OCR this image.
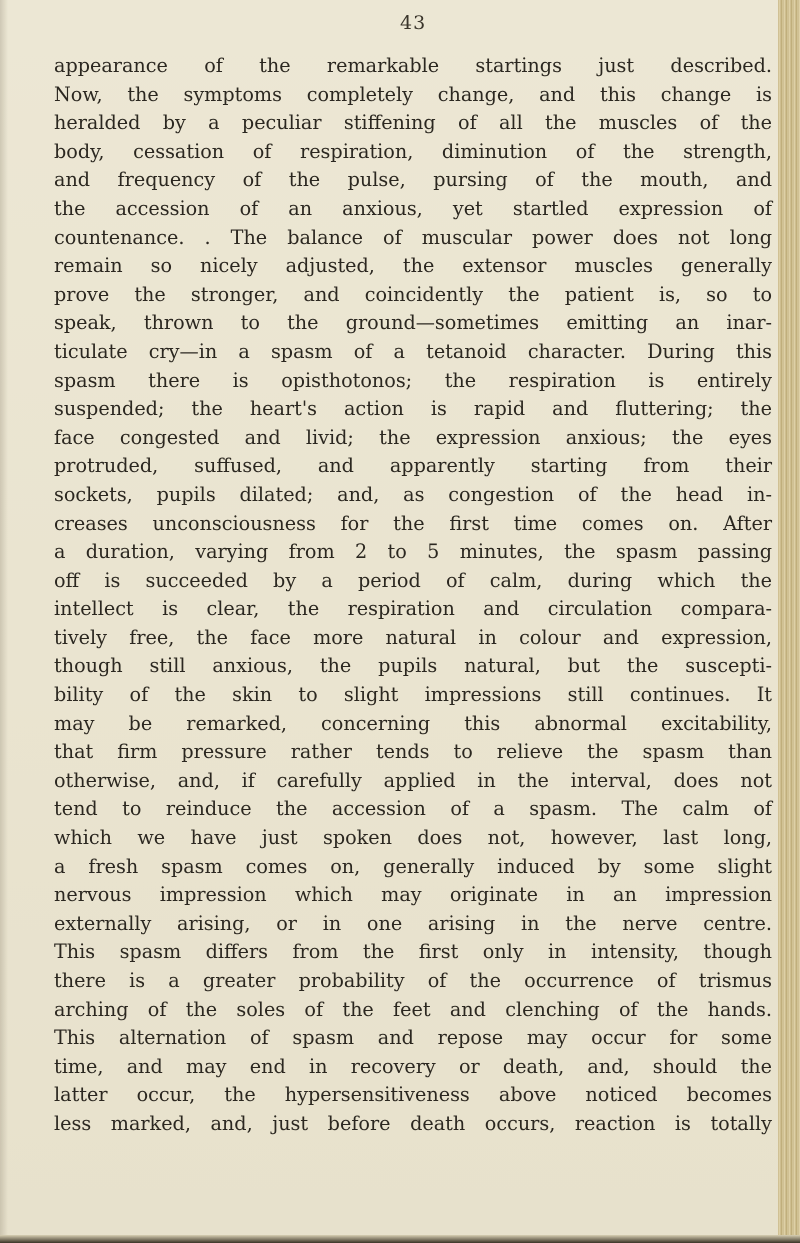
43
appearance of the remarkable startings just described.
Now, the symptoms completely change, and this change is
heralded by a peculiar stiffening of all the muscles of the
body, cessation of respiration, diminution of the strength,
and frequency of the pulse, pursing of the mouth, and
the accession of an anxious, yet startled expression of
countenance. . The balance of muscular power does not long
remain so nicely adjusted, the extensor muscles generally
prove the stronger, and coincidently the patient is, so to
speak, thrown to the ground—sometimes emitting an inar-
ticulate cry—in a spasm of a tetanoid character. During this
spasm there is opisthotonos; the respiration is entirely
suspended; the heart's action is rapid and fluttering; the
face congested and livid; the expression anxious; the eyes
protruded, suffused, and apparently starting from their
sockets, pupils dilated; and, as congestion of the head in-
creases unconsciousness for the first time comes on. After
a duration, varying from 2 to 5 minutes, the spasm passing
off is succeeded by a period of calm, during which the
intellect is clear, the respiration and circulation compara-
tively free, the face more natural in colour and expression,
though still anxious, the pupils natural, but the suscepti-
bility of the skin to slight impressions still continues. It
may be remarked, concerning this abnormal excitability,
that firm pressure rather tends to relieve the spasm than
otherwise, and, if carefully applied in the interval, does not
tend to reinduce the accession of a spasm. The calm of
which we have just spoken does not, however, last long,
a fresh spasm comes on, generally induced by some slight
nervous impression which may originate in an impression
externally arising, or in one arising in the nerve centre.
This spasm differs from the first only in intensity, though
there is a greater probability of the occurrence of trismus
arching of the soles of the feet and clenching of the hands.
This alternation of spasm and repose may occur for some
time, and may end in recovery or death, and, should the
latter occur, the hypersensitiveness above noticed becomes
less marked, and, just before death occurs, reaction is totally
